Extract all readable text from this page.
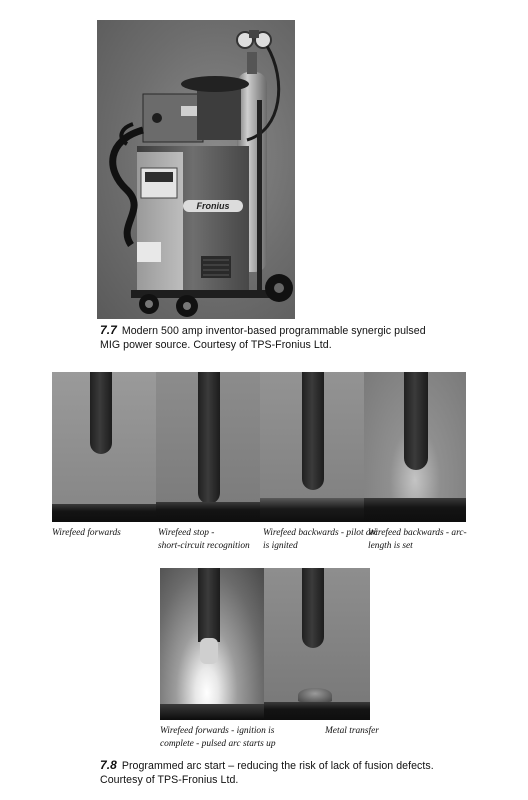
Fronius
7.7 Modern 500 amp inventor-based programmable synergic pulsed
MIG power source. Courtesy of TPS-Fronius Ltd.
Wirefeed forwards	Wirefeed stop -
short-circuit recognition
Wirefeed backwards - pilot arc
is ignited
Wirefeed backwards - arc-
length is set
Wirefeed forwards - ignition is
complete - pulsed arc starts up
Metal transfer
7.8 Programmed arc start – reducing the risk of lack of fusion defects.
Courtesy of TPS-Fronius Ltd.
